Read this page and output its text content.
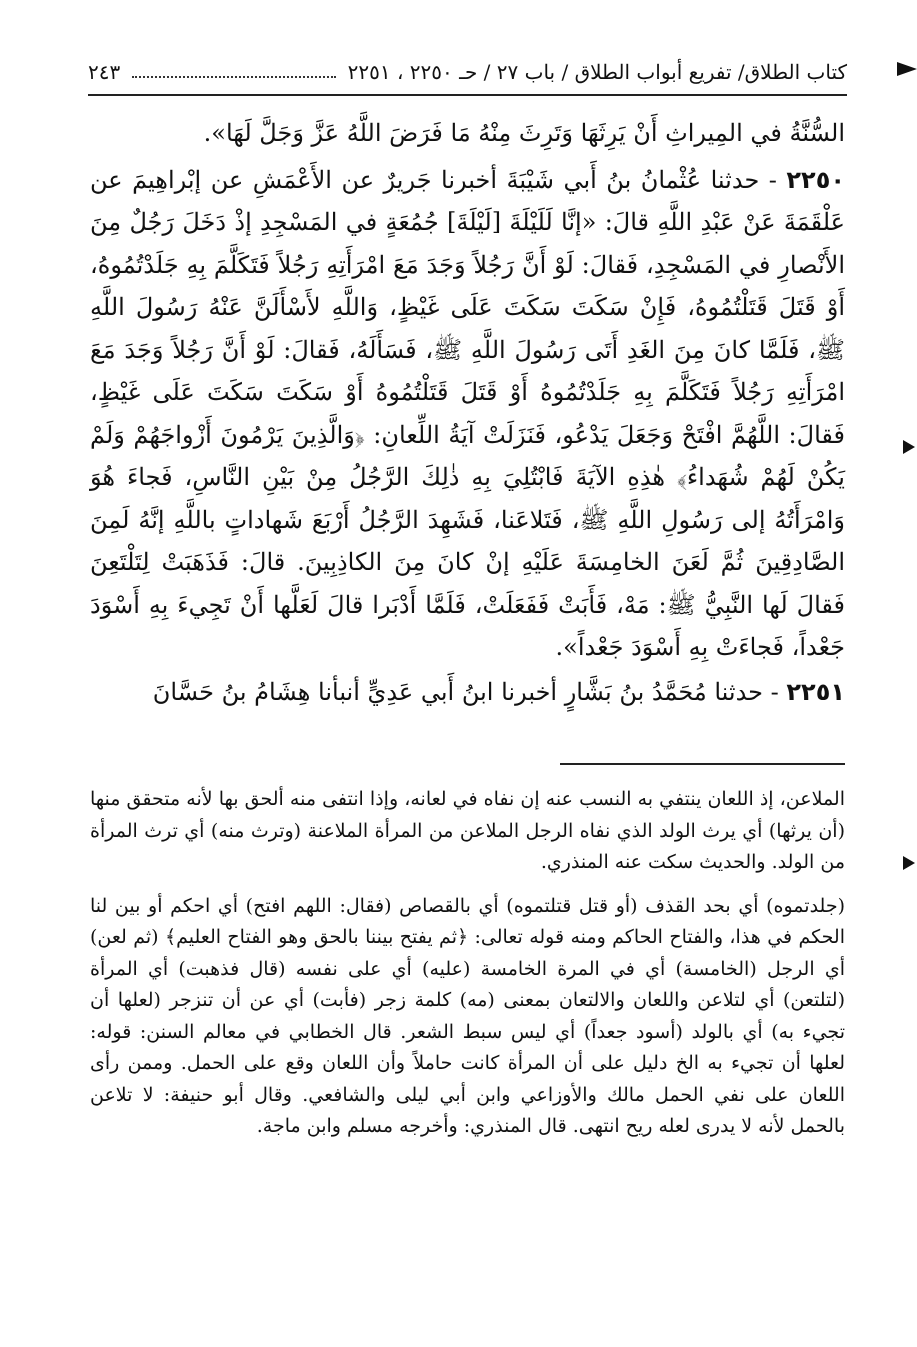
كتاب الطلاق/ تفريع أبواب الطلاق / باب ٢٧ / حـ ٢٢٥٠ ، ٢٢٥١
٢٤٣

السُّنَّةُ في المِيراثِ أَنْ يَرِثَهَا وَتَرِثَ مِنْهُ مَا فَرَضَ اللَّهُ عَزَّ وَجَلَّ لَهَا».

٢٢٥٠ - حدثنا عُثْمانُ بنُ أَبي شَيْبَةَ أخبرنا جَريرٌ عن الأَعْمَشِ عن إبْراهِيمَ عن عَلْقَمَةَ عَنْ عَبْدِ اللَّهِ قالَ: «إنَّا لَلَيْلَةَ [لَيْلَةَ] جُمُعَةٍ في المَسْجِدِ إذْ دَخَلَ رَجُلٌ مِنَ الأَنْصارِ في المَسْجِدِ، فَقالَ: لَوْ أَنَّ رَجُلاً وَجَدَ مَعَ امْرَأَتِهِ رَجُلاً فَتَكَلَّمَ بِهِ جَلَدْتُمُوهُ، أَوْ قَتَلَ قَتَلْتُمُوهُ، فَإِنْ سَكَتَ سَكَتَ عَلَى غَيْظٍ، وَاللَّهِ لأَسْأَلَنَّ عَنْهُ رَسُولَ اللَّهِ ﷺ، فَلَمَّا كانَ مِنَ الغَدِ أَتَى رَسُولَ اللَّهِ ﷺ، فَسَأَلَهُ، فَقالَ: لَوْ أَنَّ رَجُلاً وَجَدَ مَعَ امْرَأَتِهِ رَجُلاً فَتَكَلَّمَ بِهِ جَلَدْتُمُوهُ أَوْ قَتَلَ قَتَلْتُمُوهُ أَوْ سَكَتَ سَكَتَ عَلَى غَيْظٍ، فَقالَ: اللَّهُمَّ افْتَحْ وَجَعَلَ يَدْعُو، فَنَزَلَتْ آيَةُ اللِّعانِ: ﴿وَالَّذِينَ يَرْمُونَ أَزْواجَهُمْ وَلَمْ يَكُنْ لَهُمْ شُهَداءُ﴾ هٰذِهِ الآيَةَ فَابْتُلِيَ بِهِ ذٰلِكَ الرَّجُلُ مِنْ بَيْنِ النَّاسِ، فَجاءَ هُوَ وَامْرَأَتُهُ إلى رَسُولِ اللَّهِ ﷺ، فَتَلاعَنا، فَشَهِدَ الرَّجُلُ أَرْبَعَ شَهاداتٍ باللَّهِ إنَّهُ لَمِنَ الصَّادِقِينَ ثُمَّ لَعَنَ الخامِسَةَ عَلَيْهِ إنْ كانَ مِنَ الكاذِبِينَ. قالَ: فَذَهَبَتْ لِتَلْتَعِنَ فَقالَ لَها النَّبِيُّ ﷺ: مَهْ، فَأَبَتْ فَفَعَلَتْ، فَلَمَّا أَدْبَرا قالَ لَعَلَّها أَنْ تَجِيءَ بِهِ أَسْوَدَ جَعْداً، فَجاءَتْ بِهِ أَسْوَدَ جَعْداً».

٢٢٥١ - حدثنا مُحَمَّدُ بنُ بَشَّارٍ أخبرنا ابنُ أَبي عَدِيٍّ أنبأنا هِشَامُ بنُ حَسَّانَ

الملاعن، إذ اللعان ينتفي به النسب عنه إن نفاه في لعانه، وإذا انتفى منه ألحق بها لأنه متحقق منها (أن يرثها) أي يرث الولد الذي نفاه الرجل الملاعن من المرأة الملاعنة (وترث منه) أي ترث المرأة من الولد. والحديث سكت عنه المنذري.

(جلدتموه) أي بحد القذف (أو قتل قتلتموه) أي بالقصاص (فقال: اللهم افتح) أي احكم أو بين لنا الحكم في هذا، والفتاح الحاكم ومنه قوله تعالى: ﴿ثم يفتح بيننا بالحق وهو الفتاح العليم﴾ (ثم لعن) أي الرجل (الخامسة) أي في المرة الخامسة (عليه) أي على نفسه (قال فذهبت) أي المرأة (لتلتعن) أي لتلاعن واللعان والالتعان بمعنى (مه) كلمة زجر (فأبت) أي عن أن تنزجر (لعلها أن تجيء به) أي بالولد (أسود جعداً) أي ليس سبط الشعر. قال الخطابي في معالم السنن: قوله: لعلها أن تجيء به الخ دليل على أن المرأة كانت حاملاً وأن اللعان وقع على الحمل. وممن رأى اللعان على نفي الحمل مالك والأوزاعي وابن أبي ليلى والشافعي. وقال أبو حنيفة: لا تلاعن بالحمل لأنه لا يدرى لعله ريح انتهى. قال المنذري: وأخرجه مسلم وابن ماجة.
